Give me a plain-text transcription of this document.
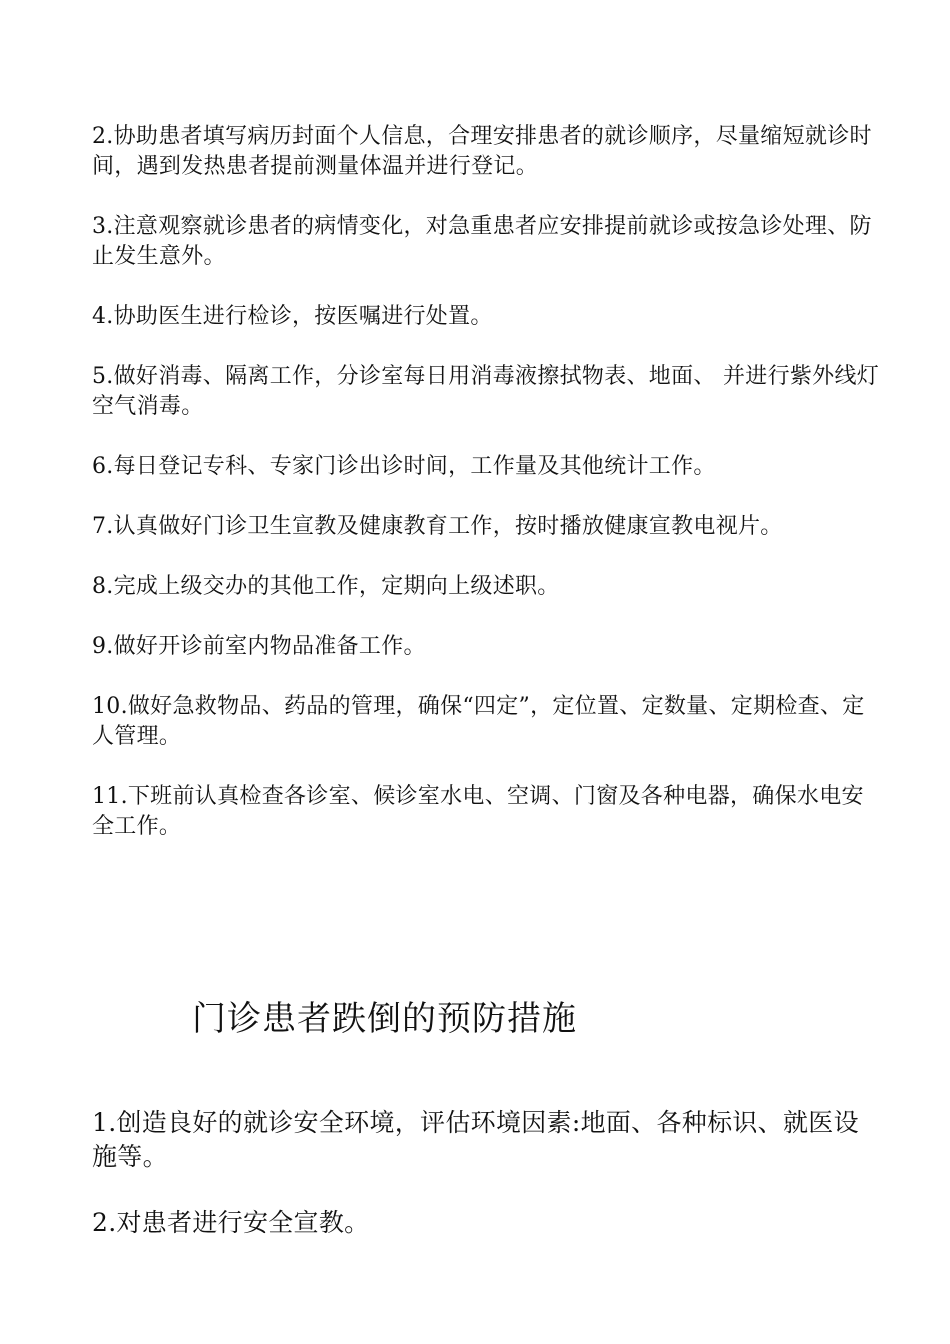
2.协助患者填写病历封面个人信息，合理安排患者的就诊顺序，尽量缩短就诊时间，遇到发热患者提前测量体温并进行登记。

3.注意观察就诊患者的病情变化，对急重患者应安排提前就诊或按急诊处理、防止发生意外。

4.协助医生进行检诊，按医嘱进行处置。

5.做好消毒、隔离工作，分诊室每日用消毒液擦拭物表、地面、 并进行紫外线灯空气消毒。

6.每日登记专科、专家门诊出诊时间，工作量及其他统计工作。

7.认真做好门诊卫生宣教及健康教育工作，按时播放健康宣教电视片。

8.完成上级交办的其他工作，定期向上级述职。

9.做好开诊前室内物品准备工作。

10.做好急救物品、药品的管理，确保“四定”，定位置、定数量、定期检查、定人管理。

11.下班前认真检查各诊室、候诊室水电、空调、门窗及各种电器，确保水电安全工作。

门诊患者跌倒的预防措施

1.创造良好的就诊安全环境，评估环境因素:地面、各种标识、就医设施等。

2.对患者进行安全宣教。
